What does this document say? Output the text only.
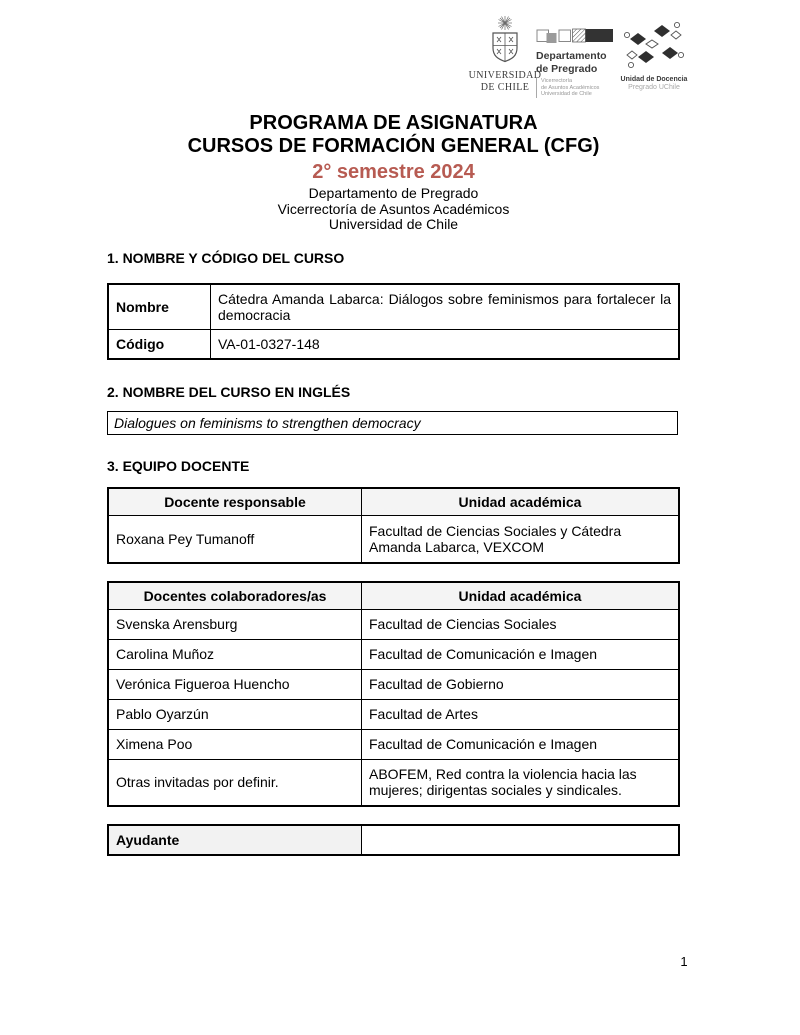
UNIVERSIDAD
DE CHILE
Departamento
de Pregrado
Vicerrectoría
de Asuntos Académicos
Universidad de Chile
Unidad de Docencia
Pregrado UChile
PROGRAMA DE ASIGNATURA
CURSOS DE FORMACIÓN GENERAL (CFG)
2° semestre 2024
Departamento de Pregrado
Vicerrectoría de Asuntos Académicos
Universidad de Chile
1. NOMBRE Y CÓDIGO DEL CURSO
Nombre	Cátedra Amanda Labarca: Diálogos sobre feminismos para fortalecer la democracia
Código	VA-01-0327-148
2. NOMBRE DEL CURSO EN INGLÉS
Dialogues on feminisms to strengthen democracy
3. EQUIPO DOCENTE
Docente responsable	Unidad académica
Roxana Pey Tumanoff	Facultad de Ciencias Sociales y Cátedra Amanda Labarca, VEXCOM
Docentes colaboradores/as	Unidad académica
Svenska Arensburg	Facultad de Ciencias Sociales
Carolina Muñoz	Facultad de Comunicación e Imagen
Verónica Figueroa Huencho	Facultad de Gobierno
Pablo Oyarzún	Facultad de Artes
Ximena Poo	Facultad de Comunicación e Imagen
Otras invitadas por definir.	ABOFEM, Red contra la violencia hacia las mujeres; dirigentas sociales y sindicales.
Ayudante	
1
